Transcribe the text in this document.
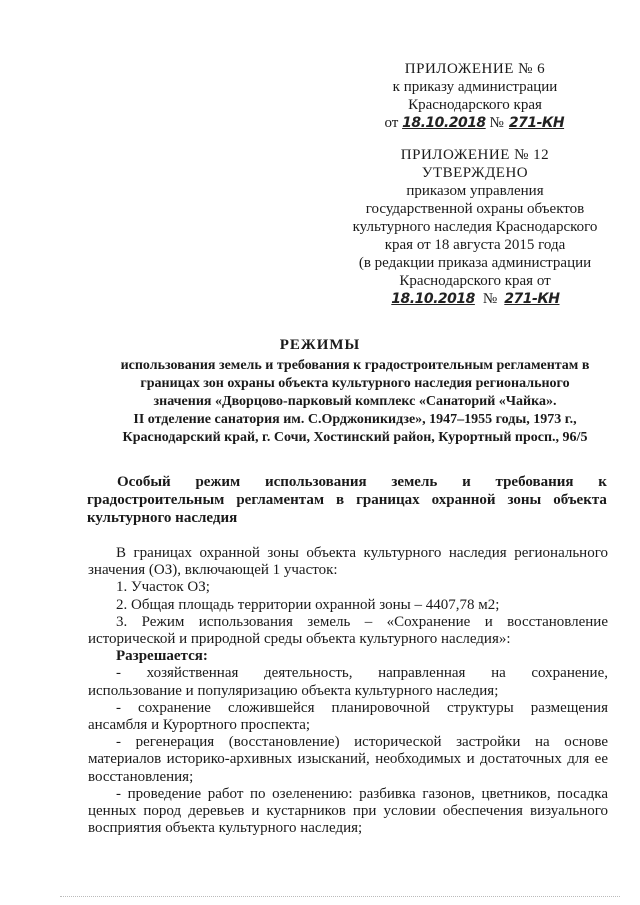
ПРИЛОЖЕНИЕ № 6
к приказу администрации
Краснодарского края
от 18.10.2018 № 271-КН
ПРИЛОЖЕНИЕ № 12
УТВЕРЖДЕНО
приказом управления
государственной охраны объектов
культурного наследия Краснодарского
края от 18 августа 2015 года
(в редакции приказа администрации
Краснодарского края от
18.10.2018 № 271-КН
РЕЖИМЫ
использования земель и требования к градостроительным регламентам в
границах зон охраны объекта культурного наследия регионального
значения «Дворцово-парковый комплекс «Санаторий «Чайка».
II отделение санатория им. С.Орджоникидзе», 1947–1955 годы, 1973 г.,
Краснодарский край, г. Сочи, Хостинский район, Курортный просп., 96/5
Особый режим использования земель и требования к
градостроительным регламентам в границах охранной зоны объекта
культурного наследия
В границах охранной зоны объекта культурного наследия регионального
значения (ОЗ), включающей 1 участок:
1. Участок ОЗ;
2. Общая площадь территории охранной зоны – 4407,78 м2;
3. Режим использования земель – «Сохранение и восстановление
исторической и природной среды объекта культурного наследия»:
Разрешается:
- хозяйственная деятельность, направленная на сохранение,
использование и популяризацию объекта культурного наследия;
- сохранение сложившейся планировочной структуры размещения
ансамбля и Курортного проспекта;
- регенерация (восстановление) исторической застройки на основе
материалов историко-архивных изысканий, необходимых и достаточных для ее
восстановления;
- проведение работ по озеленению: разбивка газонов, цветников, посадка
ценных пород деревьев и кустарников при условии обеспечения визуального
восприятия объекта культурного наследия;
